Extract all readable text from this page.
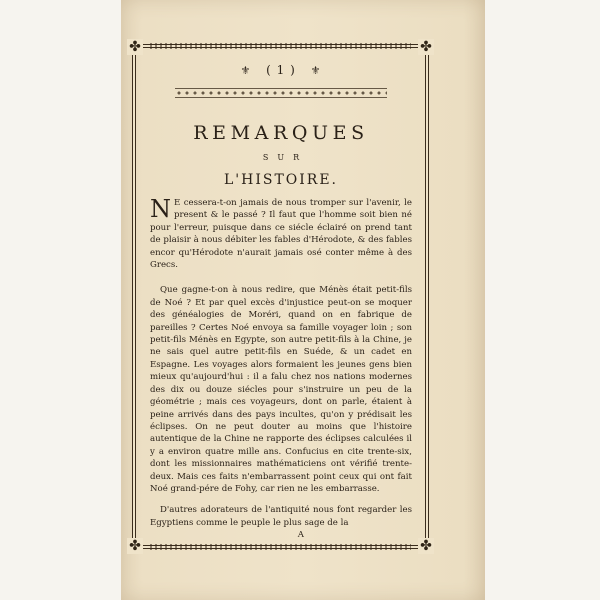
✤	✤
✤	✤
⚜ ( 1 ) ⚜
REMARQUES
SUR
L'HISTOIRE.

N E cessera-t-on jamais de nous tromper sur l'avenir, le present & le passé ? Il faut que l'homme soit bien né pour l'erreur, puisque dans ce siécle éclairé on prend tant de plaisir à nous débiter les fables d'Hérodote, & des fables encor qu'Hérodote n'aurait jamais osé conter même à des Grecs.

Que gagne-t-on à nous redire, que Ménès était petit-fils de Noé ? Et par quel excès d'injustice peut-on se moquer des généalogies de Moréri, quand on en fabrique de pareilles ? Certes Noé envoya sa famille voyager loin ; son petit-fils Ménès en Egypte, son autre petit-fils à la Chine, je ne sais quel autre petit-fils en Suéde, & un cadet en Espagne. Les voyages alors formaient les jeunes gens bien mieux qu'aujourd'hui : il a falu chez nos nations modernes des dix ou douze siécles pour s'instruire un peu de la géométrie ; mais ces voyageurs, dont on parle, étaient à peine arrivés dans des pays incultes, qu'on y prédisait les éclipses. On ne peut douter au moins que l'histoire autentique de la Chine ne rapporte des éclipses calculées il y a environ quatre mille ans. Confucius en cite trente-six, dont les missionnaires mathématiciens ont vérifié trente-deux. Mais ces faits n'embarrassent point ceux qui ont fait Noé grand-pére de Fohy, car rien ne les embarrasse.

D'autres adorateurs de l'antiquité nous font regarder les Egyptiens comme le peuple le plus sage de la

A
